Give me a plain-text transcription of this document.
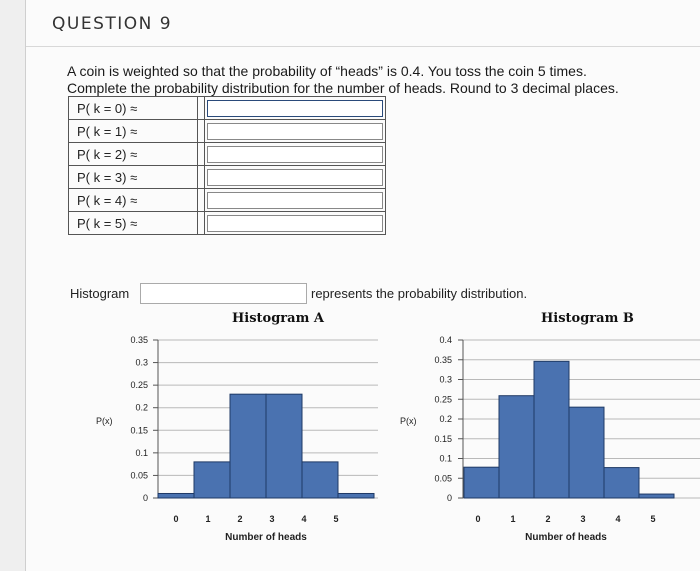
QUESTION 9
A coin is weighted so that the probability of “heads” is 0.4. You toss the coin 5 times.
Complete the probability distribution for the number of heads. Round to 3 decimal places.
P( k = 0) ≈		

P( k = 1) ≈		

P( k = 2) ≈		

P( k = 3) ≈		

P( k = 4) ≈		

P( k = 5) ≈		
Histogram	represents the probability distribution.
Histogram A
0
0.05
0.1
0.15
0.2
0.25
0.3
0.35
P(x)
0	1	2	3	4	5
Number of heads
Histogram B
0
0.05
0.1
0.15
0.2
0.25
0.3
0.35
0.4
P(x)
0	1	2	3	4	5
Number of heads
